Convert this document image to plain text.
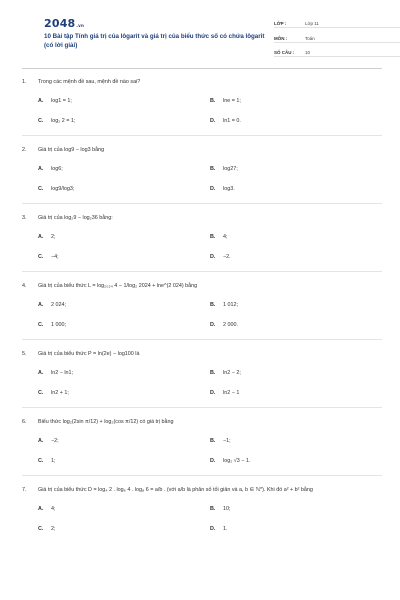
2048.vn
10 Bài tập Tính giá trị của lôgarit và giá trị của biểu thức số có chứa lôgarit (có lời giải)
LỚP :	Lớp 11
MÔN :	Toán
SỐ CÂU :	10
1.	Trong các mệnh đề sau, mệnh đề nào sai?
A.	log1 = 1;	B.	lne = 1;
C.	log₂ 2 = 1;	D.	ln1 = 0.
2.	Giá trị của log9 − log3 bằng
A.	log6;	B.	log27;
C.	log9/log3;	D.	log3.
3.	Giá trị của log₂9 − log₂36 bằng:
A.	2;	B.	4;
C.	−4;	D.	−2.
4.	Giá trị của biểu thức L = log₂₀₂₄ 4 − 1/log₂ 2024 + lne^(2 024) bằng
A.	2 024;	B.	1 012;
C.	1 000;	D.	2 000.
5.	Giá trị của biểu thức P = ln(2e) − log100 là
A.	ln2 − ln1;	B.	ln2 − 2;
C.	ln2 + 1;	D.	ln2 − 1
6.	Biểu thức log₂(2sin π/12) + log₂(cos π/12) có giá trị bằng
A.	−2;	B.	−1;
C.	1;	D.	log₂ √3 − 1.
7.	Giá trị của biểu thức D = log₄ 2 . log₆ 4 . log₈ 6 = a/b . (với a/b là phân số tối giản và a, b ∈ ℕ*). Khi đó a² + b² bằng
A.	4;	B.	10;
C.	2;	D.	1.
